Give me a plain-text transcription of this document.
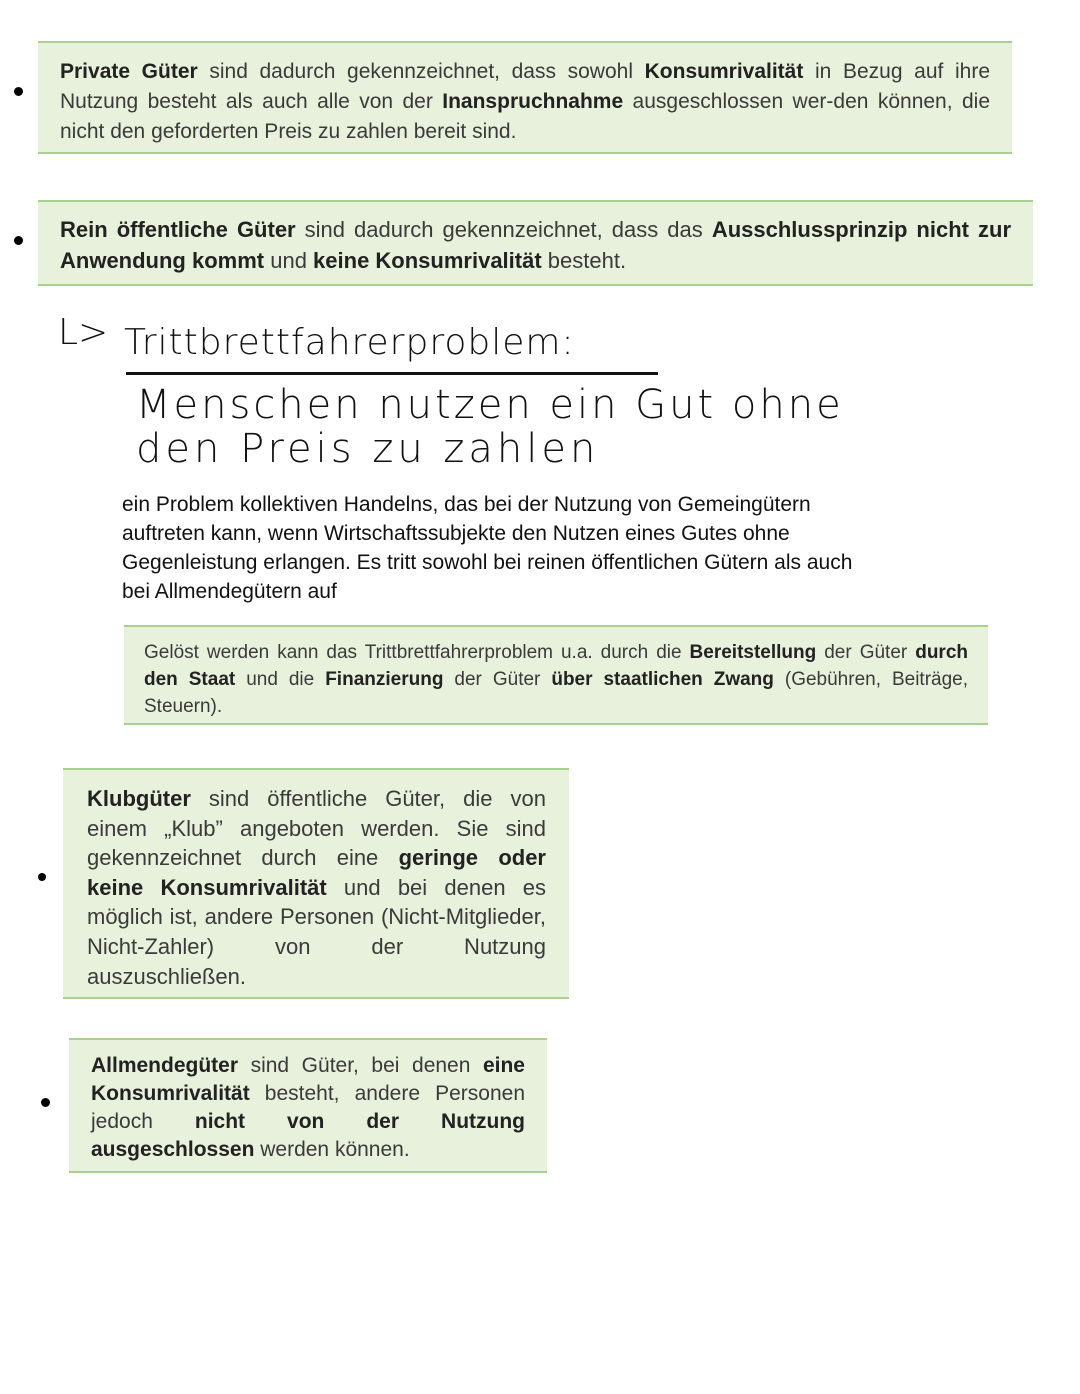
Private Güter sind dadurch gekennzeichnet, dass sowohl Konsumrivalität in Bezug auf ihre Nutzung besteht als auch alle von der Inanspruchnahme ausgeschlossen wer-den können, die nicht den geforderten Preis zu zahlen bereit sind.
Rein öffentliche Güter sind dadurch gekennzeichnet, dass das Ausschlussprinzip nicht zur Anwendung kommt und keine Konsumrivalität besteht.
L> Trittbrettfahrerproblem:
Menschen nutzen ein Gut ohne
den Preis zu zahlen
ein Problem kollektiven Handelns, das bei der Nutzung von Gemeingütern auftreten kann, wenn Wirtschaftssubjekte den Nutzen eines Gutes ohne Gegenleistung erlangen. Es tritt sowohl bei reinen öffentlichen Gütern als auch bei Allmendegütern auf
Gelöst werden kann das Trittbrettfahrerproblem u.a. durch die Bereitstellung der Güter durch den Staat und die Finanzierung der Güter über staatlichen Zwang (Gebühren, Beiträge, Steuern).
Klubgüter sind öffentliche Güter, die von einem „Klub” angeboten werden. Sie sind gekennzeichnet durch eine geringe oder keine Konsumrivalität und bei denen es möglich ist, andere Personen (Nicht-Mitglieder, Nicht-Zahler) von der Nutzung auszuschließen.
Allmendegüter sind Güter, bei denen eine Konsumrivalität besteht, andere Personen jedoch nicht von der Nutzung ausgeschlossen werden können.
